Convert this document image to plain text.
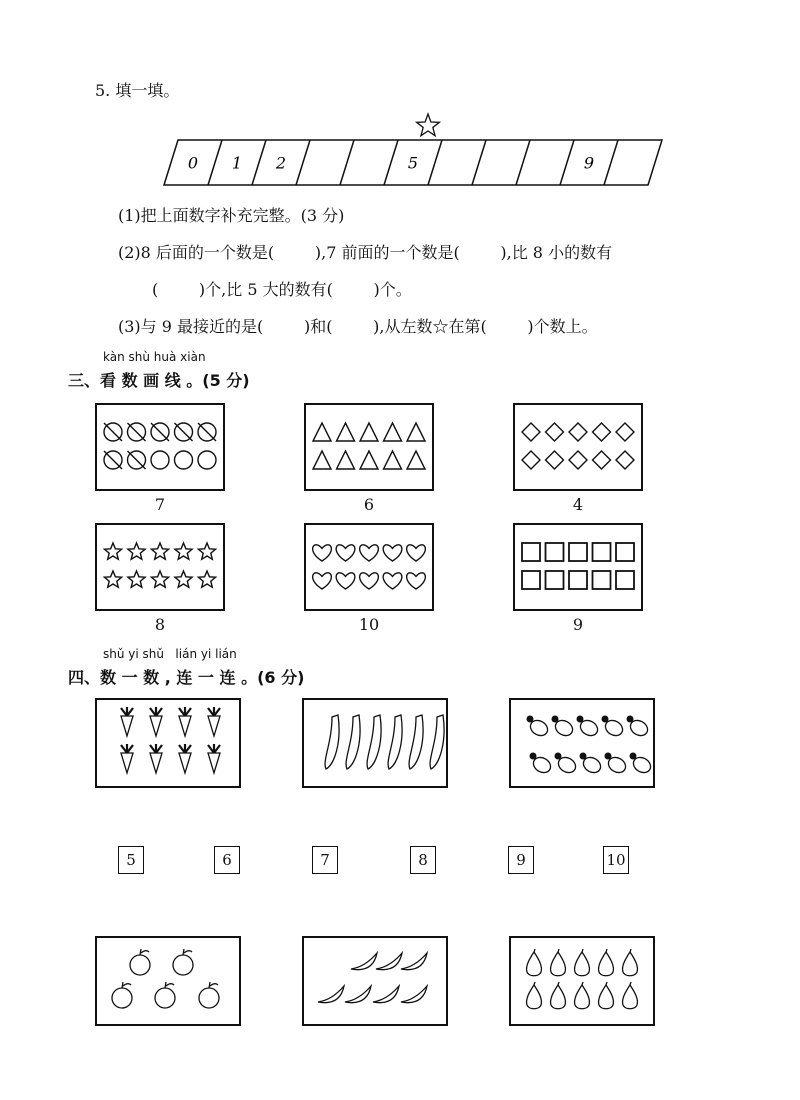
5. 填一填。
0 1 2	5	9
(1)把上面数字补充完整。(3 分)
(2)8 后面的一个数是(        ),7 前面的一个数是(        ),比 8 小的数有
(        )个,比 5 大的数有(        )个。
(3)与 9 最接近的是(        )和(        ),从左数☆在第(        )个数上。
kàn shù huà xiàn
三、看 数 画 线 。(5 分)
7	6	4
8	10	9
shǔ yi shǔ   lián yi lián
四、数 一 数 , 连 一 连 。(6 分)
5	6	7	8	9	10
